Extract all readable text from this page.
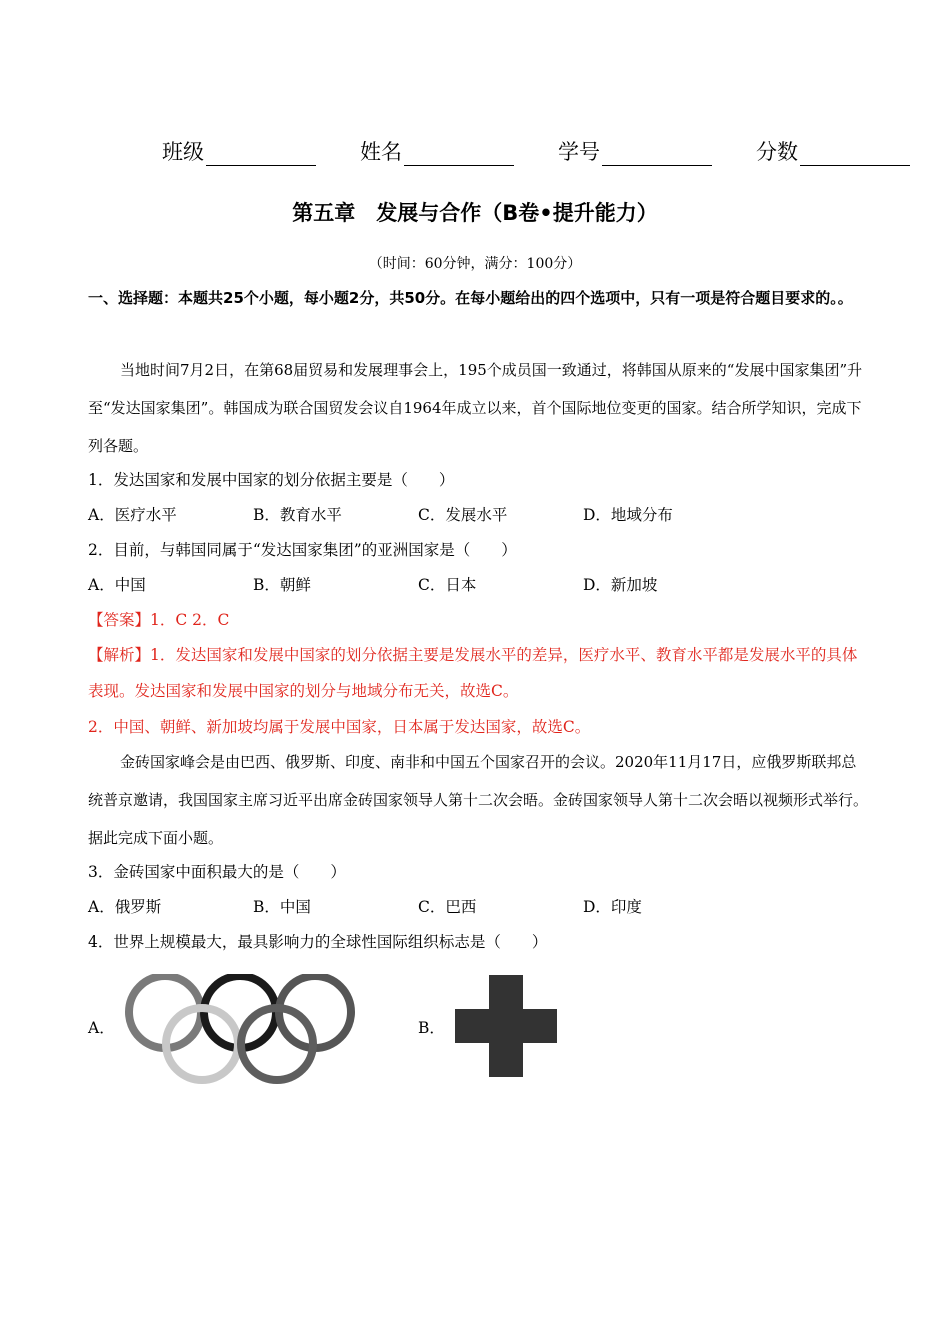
班级	姓名	学号	分数
第五章　发展与合作（B卷•提升能力）
（时间：60分钟，满分：100分）
一、选择题：本题共25个小题，每小题2分，共50分。在每小题给出的四个选项中，只有一项是符合题目要求的。。
当地时间7月2日，在第68届贸易和发展理事会上，195个成员国一致通过，将韩国从原来的“发展中国家集团”升至“发达国家集团”。韩国成为联合国贸发会议自1964年成立以来，首个国际地位变更的国家。结合所学知识，完成下列各题。
1．发达国家和发展中国家的划分依据主要是（　　）
A．医疗水平	B．教育水平	C．发展水平	D．地域分布
2．目前，与韩国同属于“发达国家集团”的亚洲国家是（　　）
A．中国	B．朝鲜	C．日本	D．新加坡
【答案】1．C 2．C
【解析】1．发达国家和发展中国家的划分依据主要是发展水平的差异，医疗水平、教育水平都是发展水平的具体表现。发达国家和发展中国家的划分与地域分布无关，故选C。
2．中国、朝鲜、新加坡均属于发展中国家，日本属于发达国家，故选C。
金砖国家峰会是由巴西、俄罗斯、印度、南非和中国五个国家召开的会议。2020年11月17日，应俄罗斯联邦总统普京邀请，我国国家主席习近平出席金砖国家领导人第十二次会晤。金砖国家领导人第十二次会晤以视频形式举行。据此完成下面小题。
3．金砖国家中面积最大的是（　　）
A．俄罗斯	B．中国	C．巴西	D．印度
4．世界上规模最大，最具影响力的全球性国际组织标志是（　　）
A．	B．
